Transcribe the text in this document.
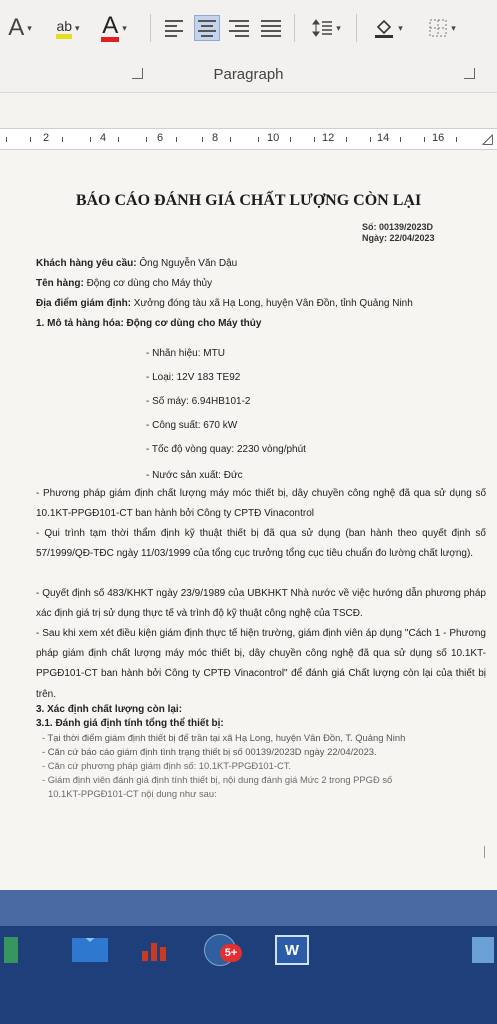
A ▾ ab ▾ A ▾	▾	▾	▾
Paragraph
2	4	6	8	10	12	14	16	◿
BÁO CÁO ĐÁNH GIÁ CHẤT LƯỢNG CÒN LẠI
Số: 00139/2023D
Ngày: 22/04/2023
Khách hàng yêu cầu: Ông Nguyễn Văn Dậu
Tên hàng: Động cơ dùng cho Máy thủy
Địa điểm giám định: Xưởng đóng tàu xã Hạ Long, huyện Vân Đồn, tỉnh Quảng Ninh
1. Mô tả hàng hóa: Động cơ dùng cho Máy thủy
- Nhãn hiệu: MTU
- Loại: 12V 183 TE92
- Số máy: 6.94HB101-2
- Công suất: 670 kW
- Tốc độ vòng quay: 2230 vòng/phút
- Nước sản xuất: Đức
- Phương pháp giám định chất lượng máy móc thiết bị, dây chuyền công nghệ đã qua sử dụng số 10.1KT-PPGĐ101-CT ban hành bởi Công ty CPTĐ Vinacontrol
- Qui trình tạm thời thẩm định kỹ thuật thiết bị đã qua sử dụng (ban hành theo quyết định số 57/1999/QĐ-TĐC ngày 11/03/1999 của tổng cục trưởng tổng cục tiêu chuẩn đo lường chất lượng).
- Quyết định số 483/KHKT ngày 23/9/1989 của UBKHKT Nhà nước về việc hướng dẫn phương pháp xác định giá trị sử dụng thực tế và trình độ kỹ thuật công nghệ của TSCĐ.
- Sau khi xem xét điều kiện giám định thực tế hiện trường, giám định viên áp dụng "Cách 1 - Phương pháp giám định chất lượng máy móc thiết bị, dây chuyền công nghệ đã qua sử dụng số 10.1KT-PPGĐ101-CT ban hành bởi Công ty CPTĐ Vinacontrol" để đánh giá Chất lượng còn lại của thiết bị trên.
3. Xác định chất lượng còn lại:
3.1. Đánh giá định tính tổng thể thiết bị:
- Tại thời điểm giám định thiết bị để trần tại xã Hạ Long, huyện Vân Đồn, T. Quảng Ninh
- Căn cứ báo cáo giám định tình trạng thiết bị số 00139/2023D ngày 22/04/2023.
- Căn cứ phương pháp giám định số: 10.1KT-PPGĐ101-CT.
- Giám định viên đánh giá định tính thiết bị, nội dung đánh giá Mức 2 trong PPGĐ số
10.1KT-PPGĐ101-CT nội dung như sau:
5+	W
